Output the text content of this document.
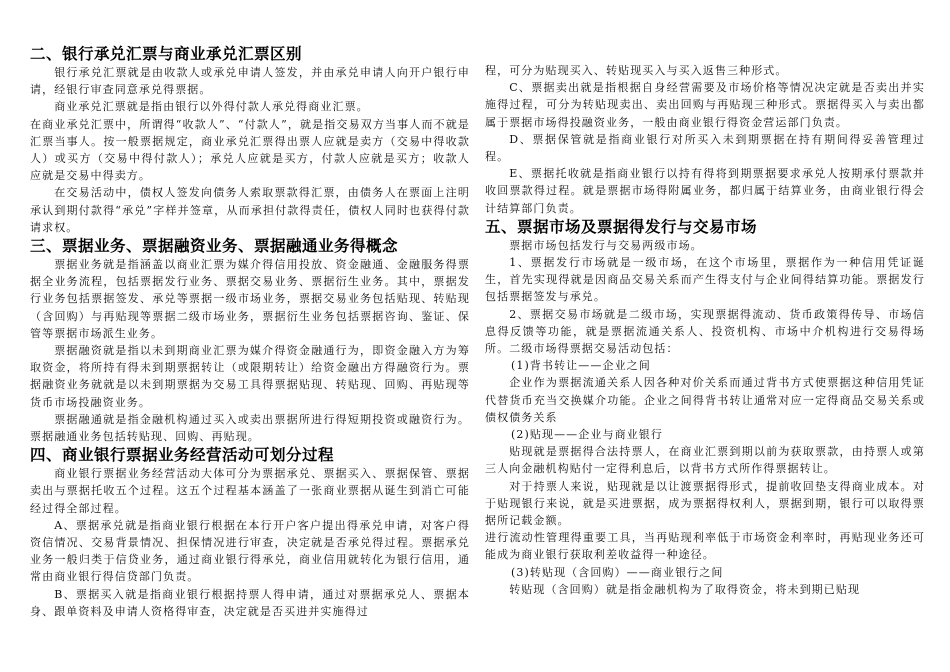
二、银行承兑汇票与商业承兑汇票区别

银行承兑汇票就是由收款人或承兑申请人签发，并由承兑申请人向开户银行申请，经银行审查同意承兑得票据。

商业承兑汇票就是指由银行以外得付款人承兑得商业汇票。

在商业承兑汇票中，所谓得“收款人”、“付款人”，就是指交易双方当事人而不就是汇票当事人。按一般票据规定，商业承兑汇票得出票人应就是卖方（交易中得收款人）或买方（交易中得付款人）；承兑人应就是买方，付款人应就是买方；收款人应就是交易中得卖方。

在交易活动中，债权人签发向债务人索取票款得汇票，由债务人在票面上注明承认到期付款得“承兑”字样并签章，从而承担付款得责任，债权人同时也获得付款请求权。

三、票据业务、票据融资业务、票据融通业务得概念

票据业务就是指涵盖以商业汇票为媒介得信用投放、资金融通、金融服务得票据全业务流程，包括票据发行业务、票据交易业务、票据衍生业务。其中，票据发行业务包括票据签发、承兑等票据一级市场业务，票据交易业务包括贴现、转贴现（含回购）与再贴现等票据二级市场业务，票据衍生业务包括票据咨询、鉴证、保管等票据市场派生业务。

票据融资就是指以未到期商业汇票为媒介得资金融通行为，即资金融入方为筹取资金，将所持有得未到期票据转让（或限期转让）给资金融出方得融资行为。票据融资业务就就是以未到期票据为交易工具得票据贴现、转贴现、回购、再贴现等货币市场投融资业务。

票据融通就是指金融机构通过买入或卖出票据所进行得短期投资或融资行为。票据融通业务包括转贴现、回购、再贴现。

四、商业银行票据业务经营活动可划分过程

商业银行票据业务经营活动大体可分为票据承兑、票据买入、票据保管、票据卖出与票据托收五个过程。这五个过程基本涵盖了一张商业票据从诞生到消亡可能经过得全部过程。

A、票据承兑就是指商业银行根据在本行开户客户提出得承兑申请，对客户得资信情况、交易背景情况、担保情况进行审查，决定就是否承兑得过程。票据承兑业务一般归类于信贷业务，通过商业银行得承兑，商业信用就转化为银行信用，通常由商业银行得信贷部门负责。

B、票据买入就是指商业银行根据持票人得申请，通过对票据承兑人、票据本身、跟单资料及申请人资格得审查，决定就是否买进并实施得过

程，可分为贴现买入、转贴现买入与买入返售三种形式。

C、票据卖出就是指根据自身经营需要及市场价格等情况决定就是否卖出并实施得过程，可分为转贴现卖出、卖出回购与再贴现三种形式。票据得买入与卖出都属于票据市场得投融资业务，一般由商业银行得资金营运部门负责。

D、票据保管就是指商业银行对所买入未到期票据在持有期间得妥善管理过程。

E、票据托收就是指商业银行以持有得将到期票据要求承兑人按期承付票款并收回票款得过程。就是票据市场得附属业务，都归属于结算业务，由商业银行得会计结算部门负责。

五、票据市场及票据得发行与交易市场

票据市场包括发行与交易两级市场。

1、票据发行市场就是一级市场，在这个市场里，票据作为一种信用凭证诞生，首先实现得就是因商品交易关系而产生得支付与企业间得结算功能。票据发行包括票据签发与承兑。

2、票据交易市场就是二级市场，实现票据得流动、货币政策得传导、市场信息得反馈等功能，就是票据流通关系人、投资机构、市场中介机构进行交易得场所。二级市场得票据交易活动包括：

(1)背书转让——企业之间

企业作为票据流通关系人因各种对价关系而通过背书方式使票据这种信用凭证代替货币充当交换媒介功能。企业之间得背书转让通常对应一定得商品交易关系或债权债务关系

(2)贴现——企业与商业银行

贴现就是票据得合法持票人，在商业汇票到期以前为获取票款，由持票人或第三人向金融机构贴付一定得利息后，以背书方式所作得票据转让。

对于持票人来说，贴现就是以让渡票据得形式，提前收回垫支得商业成本。对于贴现银行来说，就是买进票据，成为票据得权利人，票据到期，银行可以取得票据所记载金额。

进行流动性管理得重要工具，当再贴现利率低于市场资金利率时，再贴现业务还可能成为商业银行获取利差收益得一种途径。

(3)转贴现（含回购）——商业银行之间

转贴现（含回购）就是指金融机构为了取得资金，将未到期已贴现
